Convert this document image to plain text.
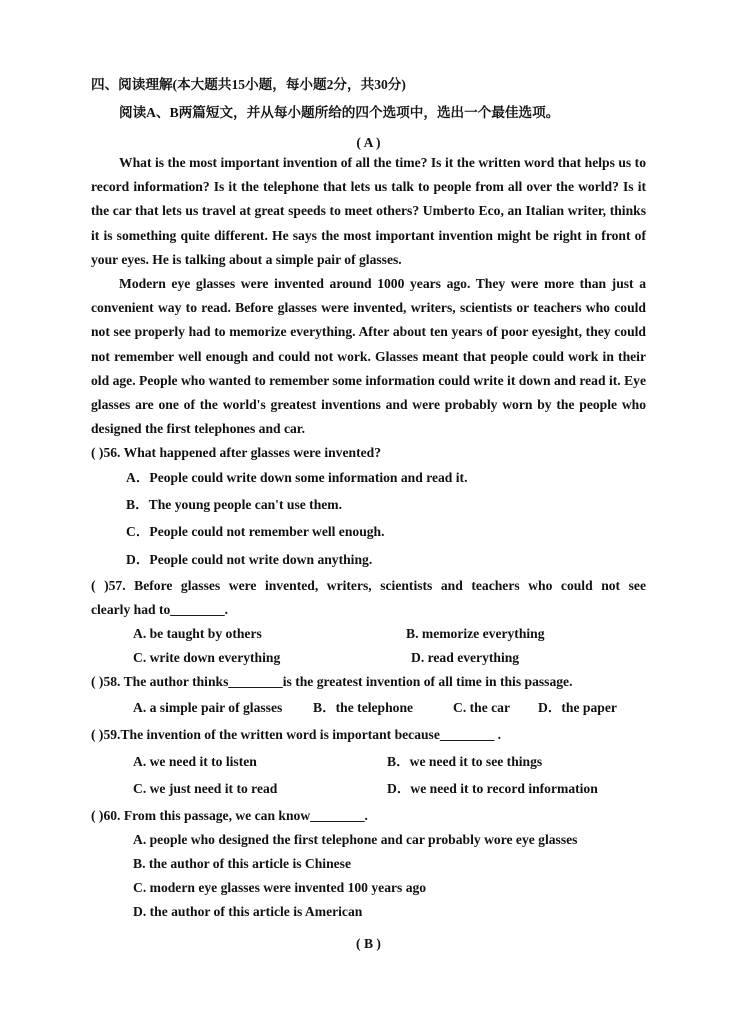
四、阅读理解(本大题共15小题，每小题2分，共30分)
阅读A、B两篇短文，并从每小题所给的四个选项中，选出一个最佳选项。
( A )
What is the most important invention of all the time? Is it the written word that helps us to record information? Is it the telephone that lets us talk to people from all over the world? Is it the car that lets us travel at great speeds to meet others? Umberto Eco, an Italian writer, thinks it is something quite different. He says the most important invention might be right in front of your eyes. He is talking about a simple pair of glasses.
Modern eye glasses were invented around 1000 years ago. They were more than just a convenient way to read. Before glasses were invented, writers, scientists or teachers who could not see properly had to memorize everything. After about ten years of poor eyesight, they could not remember well enough and could not work. Glasses meant that people could work in their old age. People who wanted to remember some information could write it down and read it. Eye glasses are one of the world's greatest inventions and were probably worn by the people who designed the first telephones and car.
( )56. What happened after glasses were invented?
A．People could write down some information and read it.
B．The young people can't use them.
C．People could not remember well enough.
D．People could not write down anything.
( )57. Before glasses were invented, writers, scientists and teachers who could not see
clearly had to________.
A. be taught by others	B. memorize everything
C. write down everything	D. read everything
( )58. The author thinks________is the greatest invention of all time in this passage.
A. a simple pair of glasses B．the telephone	C. the car D．the paper
( )59.The invention of the written word is important because________ .
A. we need it to listen	B．we need it to see things
C. we just need it to read	D．we need it to record information
( )60. From this passage, we can know________.
A. people who designed the first telephone and car probably wore eye glasses
B. the author of this article is Chinese
C. modern eye glasses were invented 100 years ago
D. the author of this article is American
( B )
